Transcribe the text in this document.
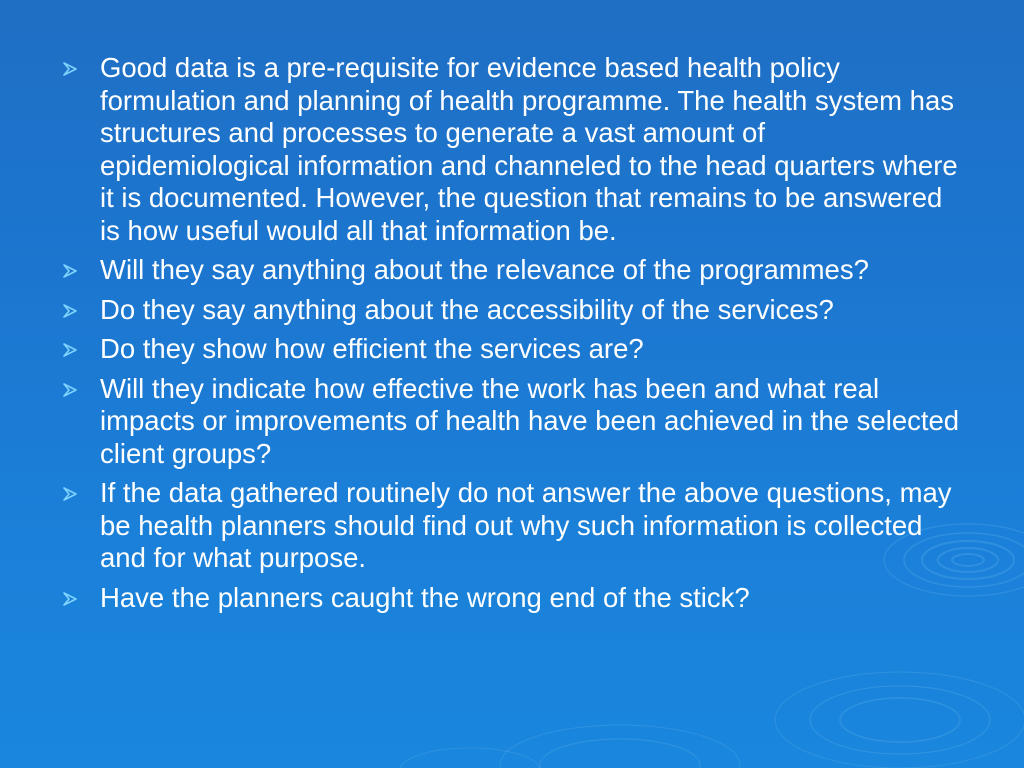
Good data is a pre-requisite for evidence based health policy formulation and planning of health programme. The health system has structures and processes to generate a vast amount of epidemiological information and channeled to the head quarters where it is documented. However, the question that remains to be answered is how useful would all that information be.
Will they say anything about the relevance of the programmes?
Do they say anything about the accessibility of the services?
Do they show how efficient the services are?
Will they indicate how effective the work has been and what real impacts or improvements of health have been achieved in the selected client groups?
If the data gathered routinely do not answer the above questions, may be health planners should find out why such information is collected and for what purpose.
Have the planners caught the wrong end of the stick?
